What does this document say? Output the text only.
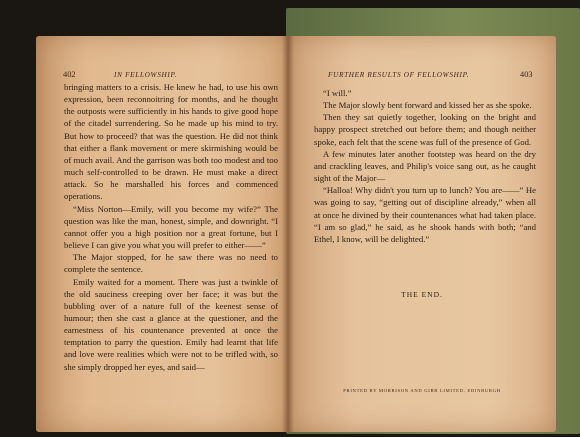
402	IN FELLOWSHIP.

bringing matters to a crisis. He knew he had, to use his own expression, been reconnoitring for months, and he thought the outposts were sufficiently in his hands to give good hope of the citadel surrendering. So he made up his mind to try. But how to proceed? that was the question. He did not think that either a flank movement or mere skirmishing would be of much avail. And the garrison was both too modest and too much self-controlled to be drawn. He must make a direct attack. So he marshalled his forces and commenced operations.

“Miss Norton—Emily, will you become my wife?” The question was like the man, honest, simple, and downright. “I cannot offer you a high position nor a great fortune, but I believe I can give you what you will prefer to either——”

The Major stopped, for he saw there was no need to complete the sentence.

Emily waited for a moment. There was just a twinkle of the old sauciness creeping over her face; it was but the bubbling over of a nature full of the keenest sense of humour; then she cast a glance at the questioner, and the earnestness of his countenance prevented at once the temptation to parry the question. Emily had learnt that life and love were realities which were not to be trifled with, so she simply dropped her eyes, and said—

FURTHER RESULTS OF FELLOWSHIP.	403

“I will.”

The Major slowly bent forward and kissed her as she spoke.

Then they sat quietly together, looking on the bright and happy prospect stretched out before them; and though neither spoke, each felt that the scene was full of the presence of God.

A few minutes later another footstep was heard on the dry and crackling leaves, and Philip's voice sang out, as he caught sight of the Major—

“Halloa! Why didn't you turn up to lunch? You are——” He was going to say, “getting out of discipline already,” when all at once he divined by their countenances what had taken place. “I am so glad,” he said, as he shook hands with both; “and Ethel, I know, will be delighted.”

THE END.
PRINTED BY MORRISON AND GIBB LIMITED, EDINBURGH
